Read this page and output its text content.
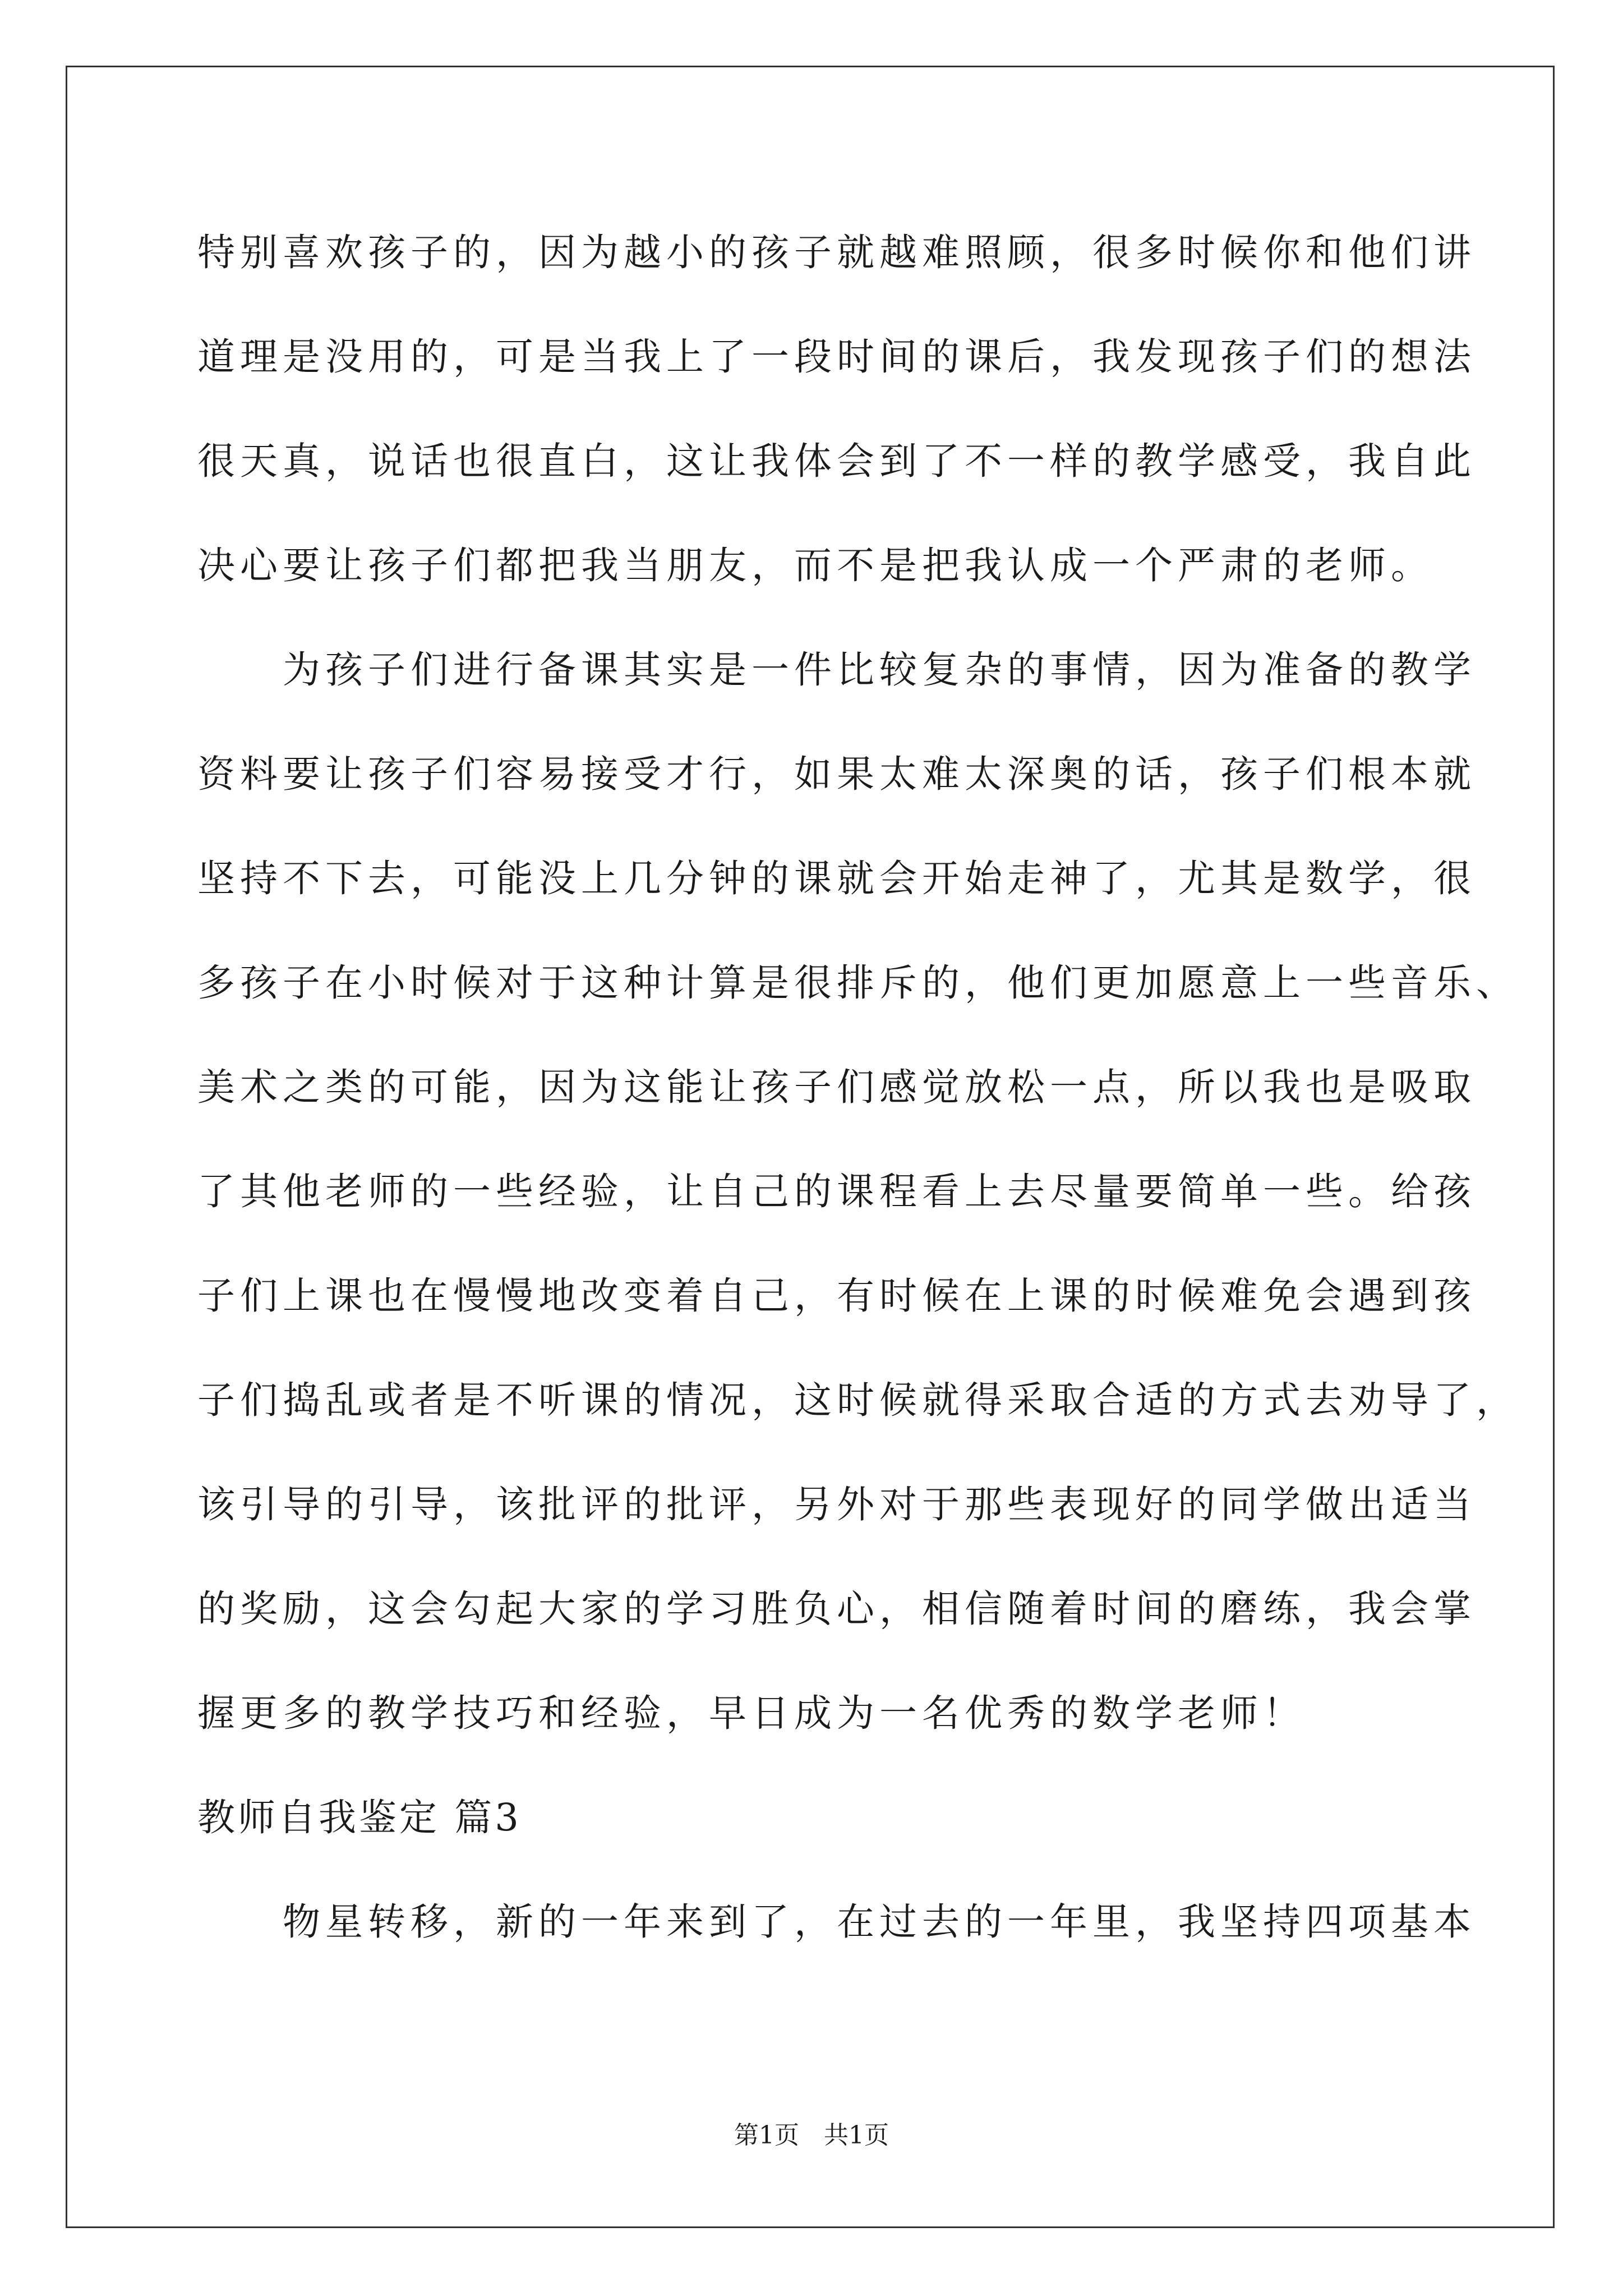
特别喜欢孩子的，因为越小的孩子就越难照顾，很多时候你和他们讲
道理是没用的，可是当我上了一段时间的课后，我发现孩子们的想法
很天真，说话也很直白，这让我体会到了不一样的教学感受，我自此
决心要让孩子们都把我当朋友，而不是把我认成一个严肃的老师。
为孩子们进行备课其实是一件比较复杂的事情，因为准备的教学
资料要让孩子们容易接受才行，如果太难太深奥的话，孩子们根本就
坚持不下去，可能没上几分钟的课就会开始走神了，尤其是数学，很
多孩子在小时候对于这种计算是很排斥的，他们更加愿意上一些音乐、
美术之类的可能，因为这能让孩子们感觉放松一点，所以我也是吸取
了其他老师的一些经验，让自己的课程看上去尽量要简单一些。给孩
子们上课也在慢慢地改变着自己，有时候在上课的时候难免会遇到孩
子们捣乱或者是不听课的情况，这时候就得采取合适的方式去劝导了，
该引导的引导，该批评的批评，另外对于那些表现好的同学做出适当
的奖励，这会勾起大家的学习胜负心，相信随着时间的磨练，我会掌
握更多的教学技巧和经验，早日成为一名优秀的数学老师！
教师自我鉴定 篇3
物星转移，新的一年来到了，在过去的一年里，我坚持四项基本
第1页　共1页
